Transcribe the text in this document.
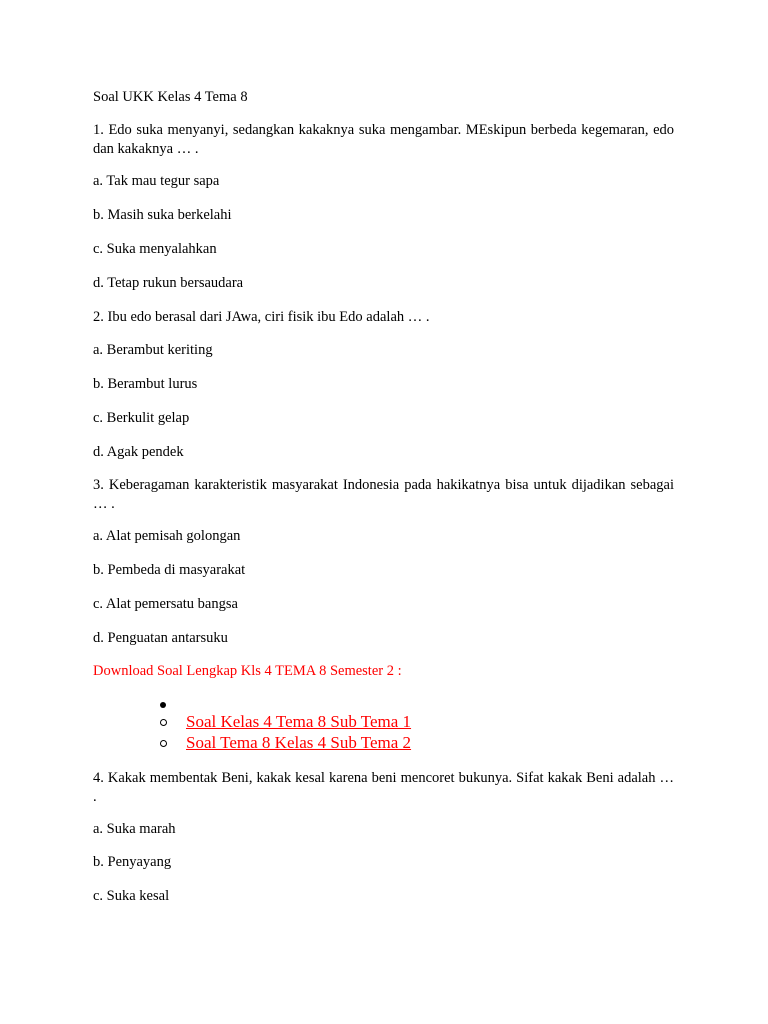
Soal UKK Kelas 4 Tema 8
1. Edo suka menyanyi, sedangkan kakaknya suka mengambar. MEskipun berbeda kegemaran, edo dan kakaknya … .
a. Tak mau tegur sapa
b. Masih suka berkelahi
c. Suka menyalahkan
d. Tetap rukun bersaudara
2. Ibu edo berasal dari JAwa, ciri fisik ibu Edo adalah … .
a. Berambut keriting
b. Berambut lurus
c. Berkulit gelap
d. Agak pendek
3. Keberagaman karakteristik masyarakat Indonesia pada hakikatnya bisa untuk dijadikan sebagai … .
a. Alat pemisah golongan
b. Pembeda di masyarakat
c. Alat pemersatu bangsa
d. Penguatan antarsuku
Download Soal Lengkap Kls 4 TEMA 8 Semester 2 :
Soal Kelas 4 Tema 8 Sub Tema 1
Soal Tema 8 Kelas 4 Sub Tema 2
4. Kakak membentak Beni, kakak kesal karena beni mencoret bukunya. Sifat kakak Beni adalah … .
a. Suka marah
b. Penyayang
c. Suka kesal
